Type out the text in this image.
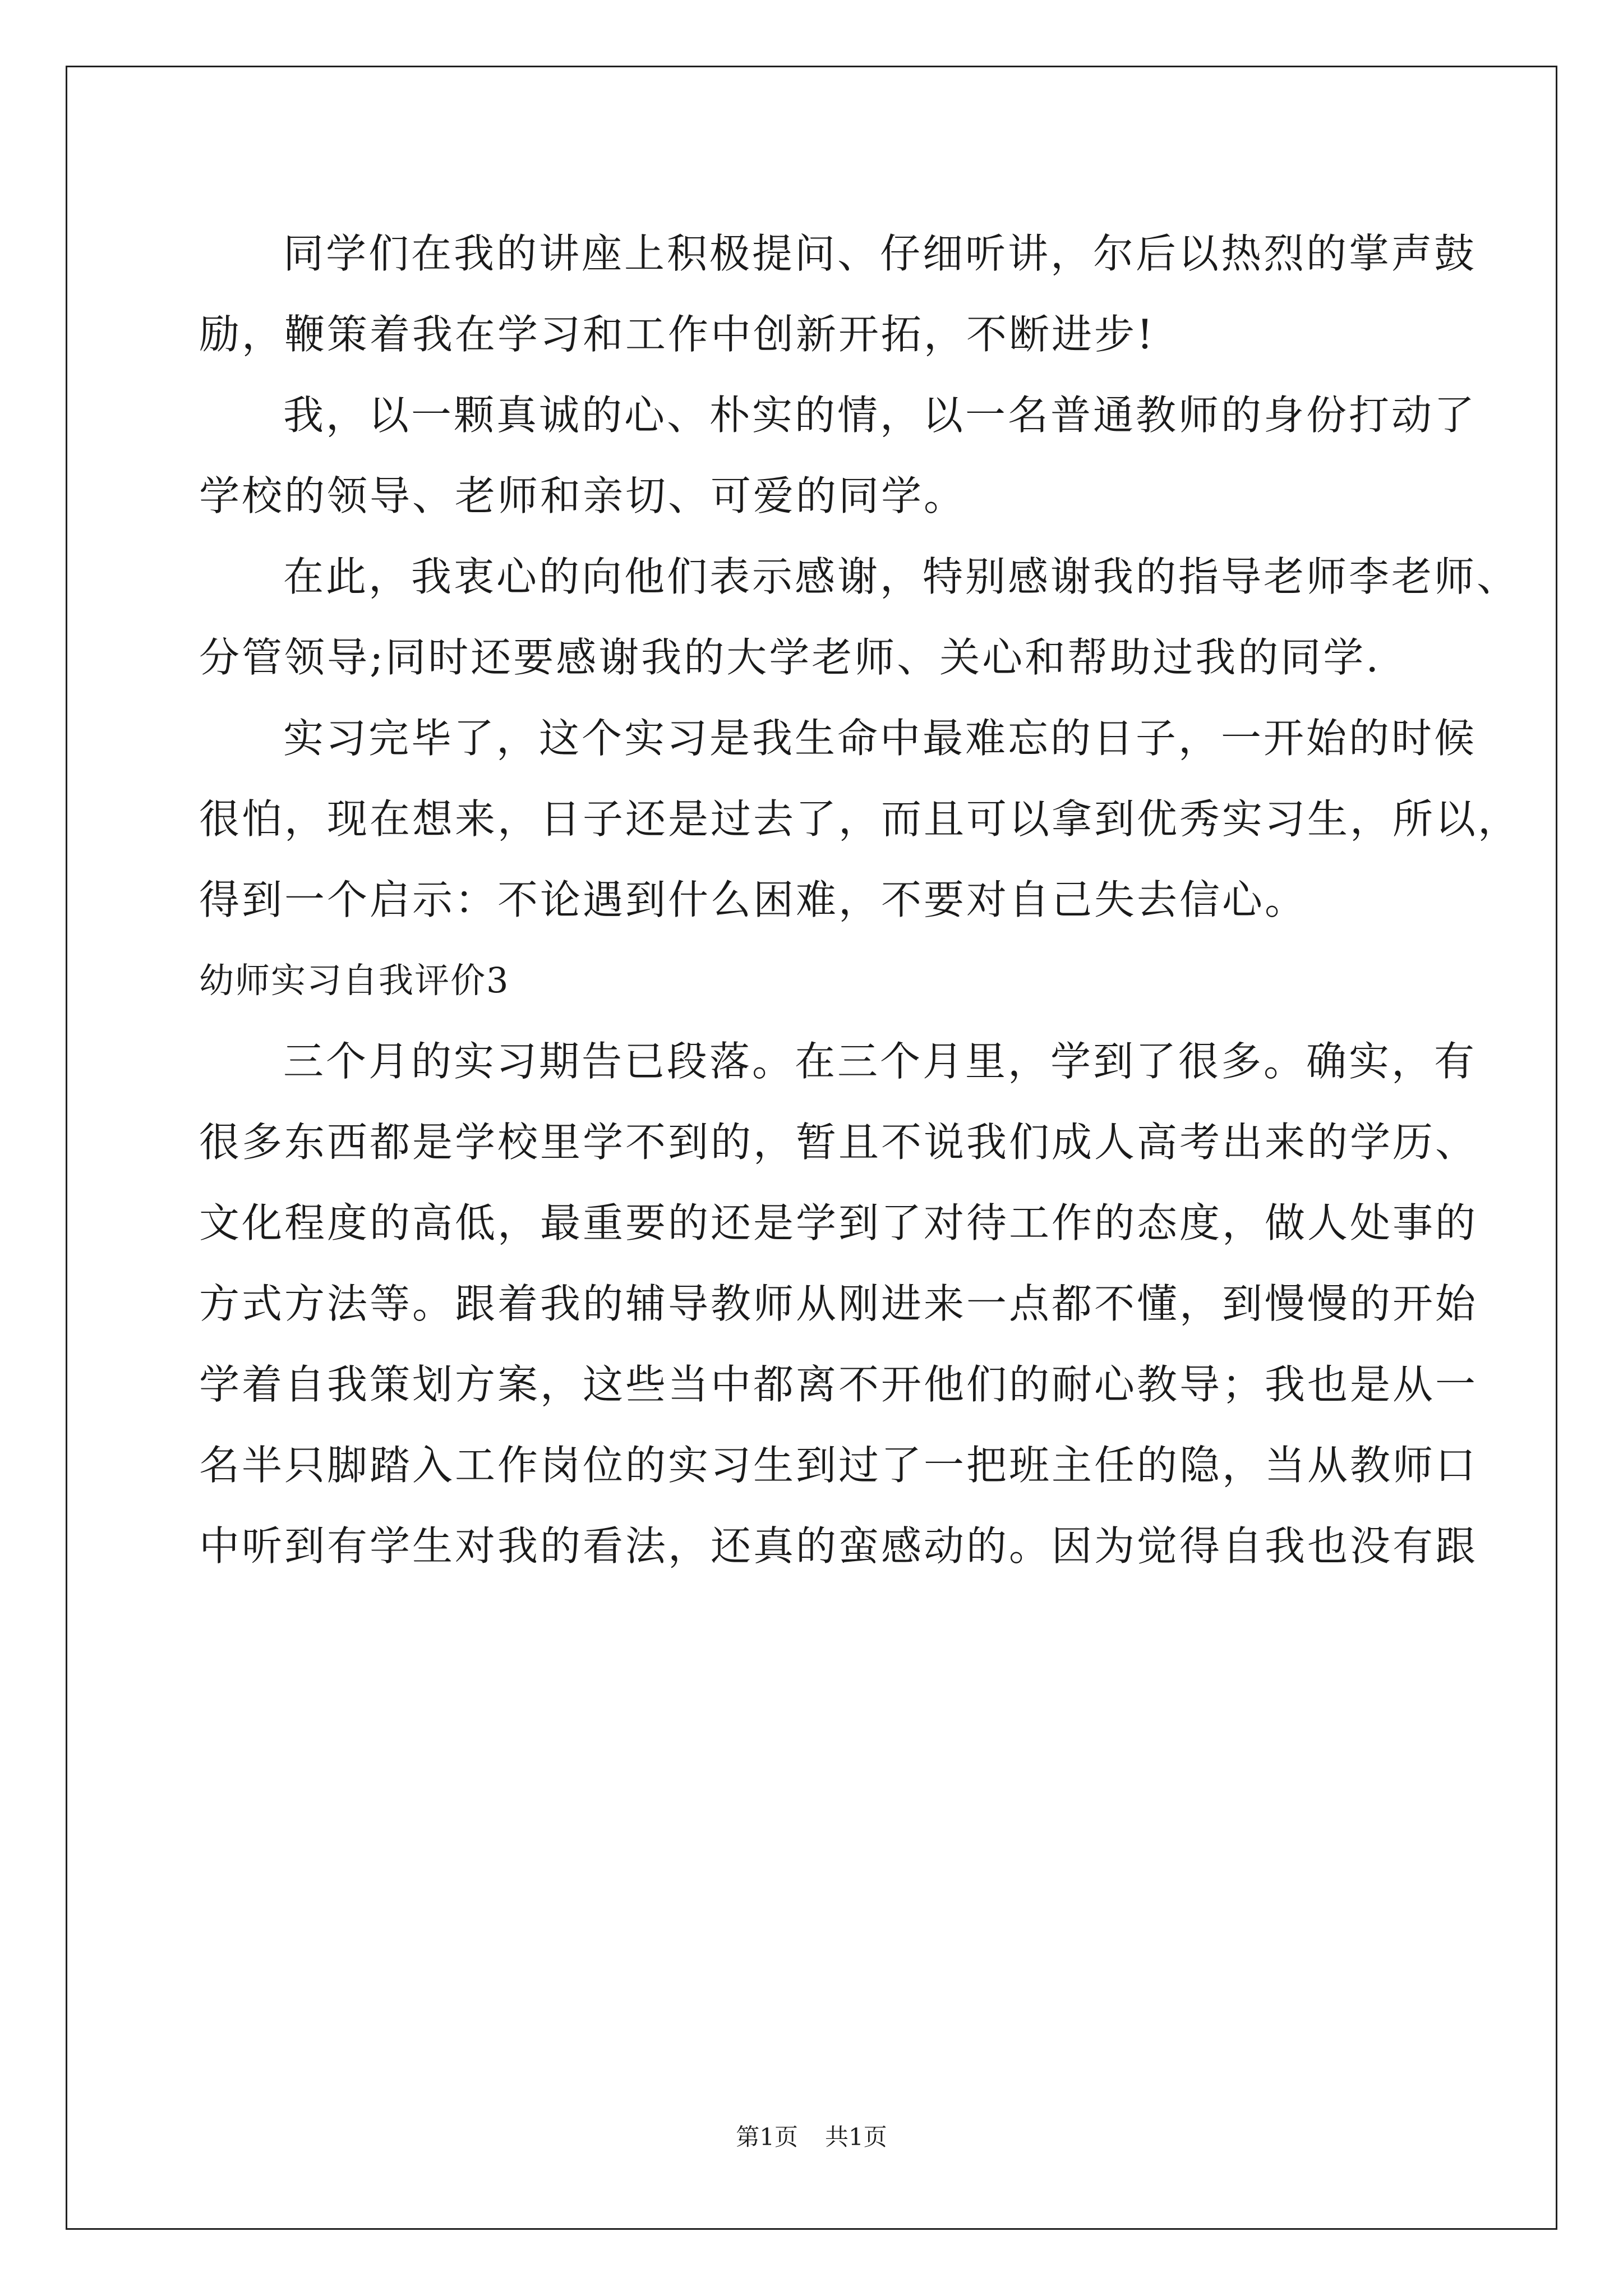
同学们在我的讲座上积极提问、仔细听讲，尔后以热烈的掌声鼓
励，鞭策着我在学习和工作中创新开拓，不断进步!
我，以一颗真诚的心、朴实的情，以一名普通教师的身份打动了
学校的领导、老师和亲切、可爱的同学。
在此，我衷心的向他们表示感谢，特别感谢我的指导老师李老师、
分管领导;同时还要感谢我的大学老师、关心和帮助过我的同学.
实习完毕了，这个实习是我生命中最难忘的日子，一开始的时候
很怕，现在想来，日子还是过去了，而且可以拿到优秀实习生，所以，
得到一个启示：不论遇到什么困难，不要对自己失去信心。
幼师实习自我评价3
三个月的实习期告已段落。在三个月里，学到了很多。确实，有
很多东西都是学校里学不到的，暂且不说我们成人高考出来的学历、
文化程度的高低，最重要的还是学到了对待工作的态度，做人处事的
方式方法等。跟着我的辅导教师从刚进来一点都不懂，到慢慢的开始
学着自我策划方案，这些当中都离不开他们的耐心教导；我也是从一
名半只脚踏入工作岗位的实习生到过了一把班主任的隐，当从教师口
中听到有学生对我的看法，还真的蛮感动的。因为觉得自我也没有跟
第1页 共1页
